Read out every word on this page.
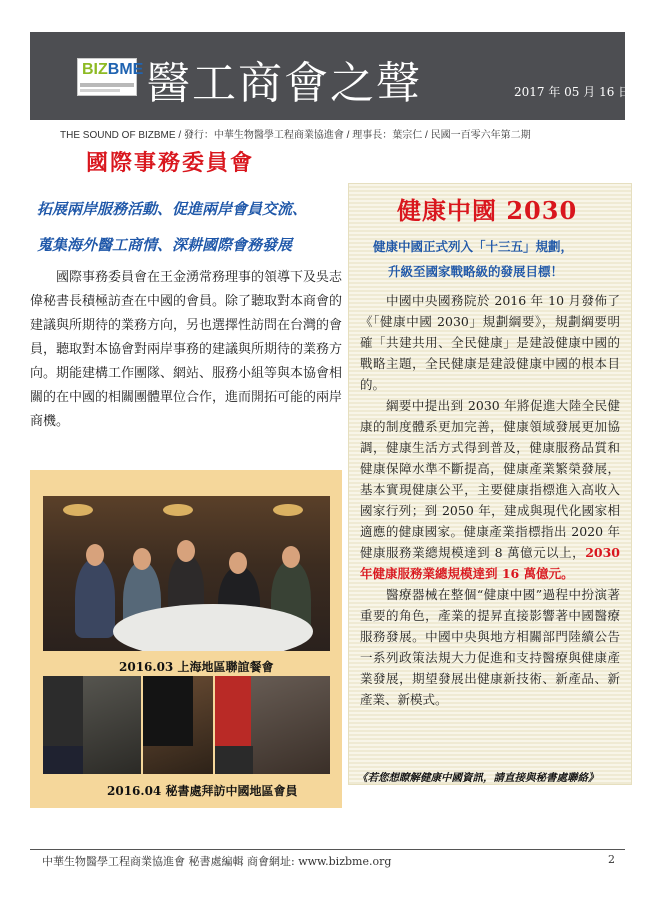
BIZBME 醫工商會之聲	2017 年 05 月 16 日
THE SOUND OF BIZBME / 發行：中華生物醫學工程商業協進會 / 理事長：葉宗仁 / 民國一百零六年第二期
國際事務委員會
拓展兩岸服務活動、促進兩岸會員交流、
蒐集海外醫工商情、深耕國際會務發展
國際事務委員會在王金湧常務理事的領導下及吳志偉秘書長積極訪查在中國的會員。除了聽取對本商會的建議與所期待的業務方向，另也選擇性訪問在台灣的會員，聽取對本協會對兩岸事務的建議與所期待的業務方向。期能建構工作團隊、網站、服務小組等與本協會相關的在中國的相關團體單位合作，進而開拓可能的兩岸商機。
2016.03 上海地區聯誼餐會
2016.04 秘書處拜訪中國地區會員
健康中國 2030
健康中國正式列入「十三五」規劃，
升級至國家戰略級的發展目標！

中國中央國務院於 2016 年 10 月發佈了《「健康中國 2030」規劃綱要》，規劃綱要明確「共建共用、全民健康」是建設健康中國的戰略主題，全民健康是建設健康中國的根本目的。

綱要中提出到 2030 年將促進大陸全民健康的制度體系更加完善，健康領域發展更加協調，健康生活方式得到普及，健康服務品質和健康保障水準不斷提高，健康產業繁榮發展，基本實現健康公平，主要健康指標進入高收入國家行列；到 2050 年，建成與現代化國家相適應的健康國家。健康產業指標指出 2020 年健康服務業總規模達到 8 萬億元以上，2030 年健康服務業總規模達到 16 萬億元。

醫療器械在整個“健康中國”過程中扮演著重要的角色，產業的提昇直接影響著中國醫療服務發展。中國中央與地方相關部門陸續公告一系列政策法規大力促進和支持醫療與健康產業發展，期望發展出健康新技術、新產品、新產業、新模式。

《若您想瞭解健康中國資訊，請直接與秘書處聯絡》
中華生物醫學工程商業協進會 秘書處編輯 商會網址: www.bizbme.org	2
